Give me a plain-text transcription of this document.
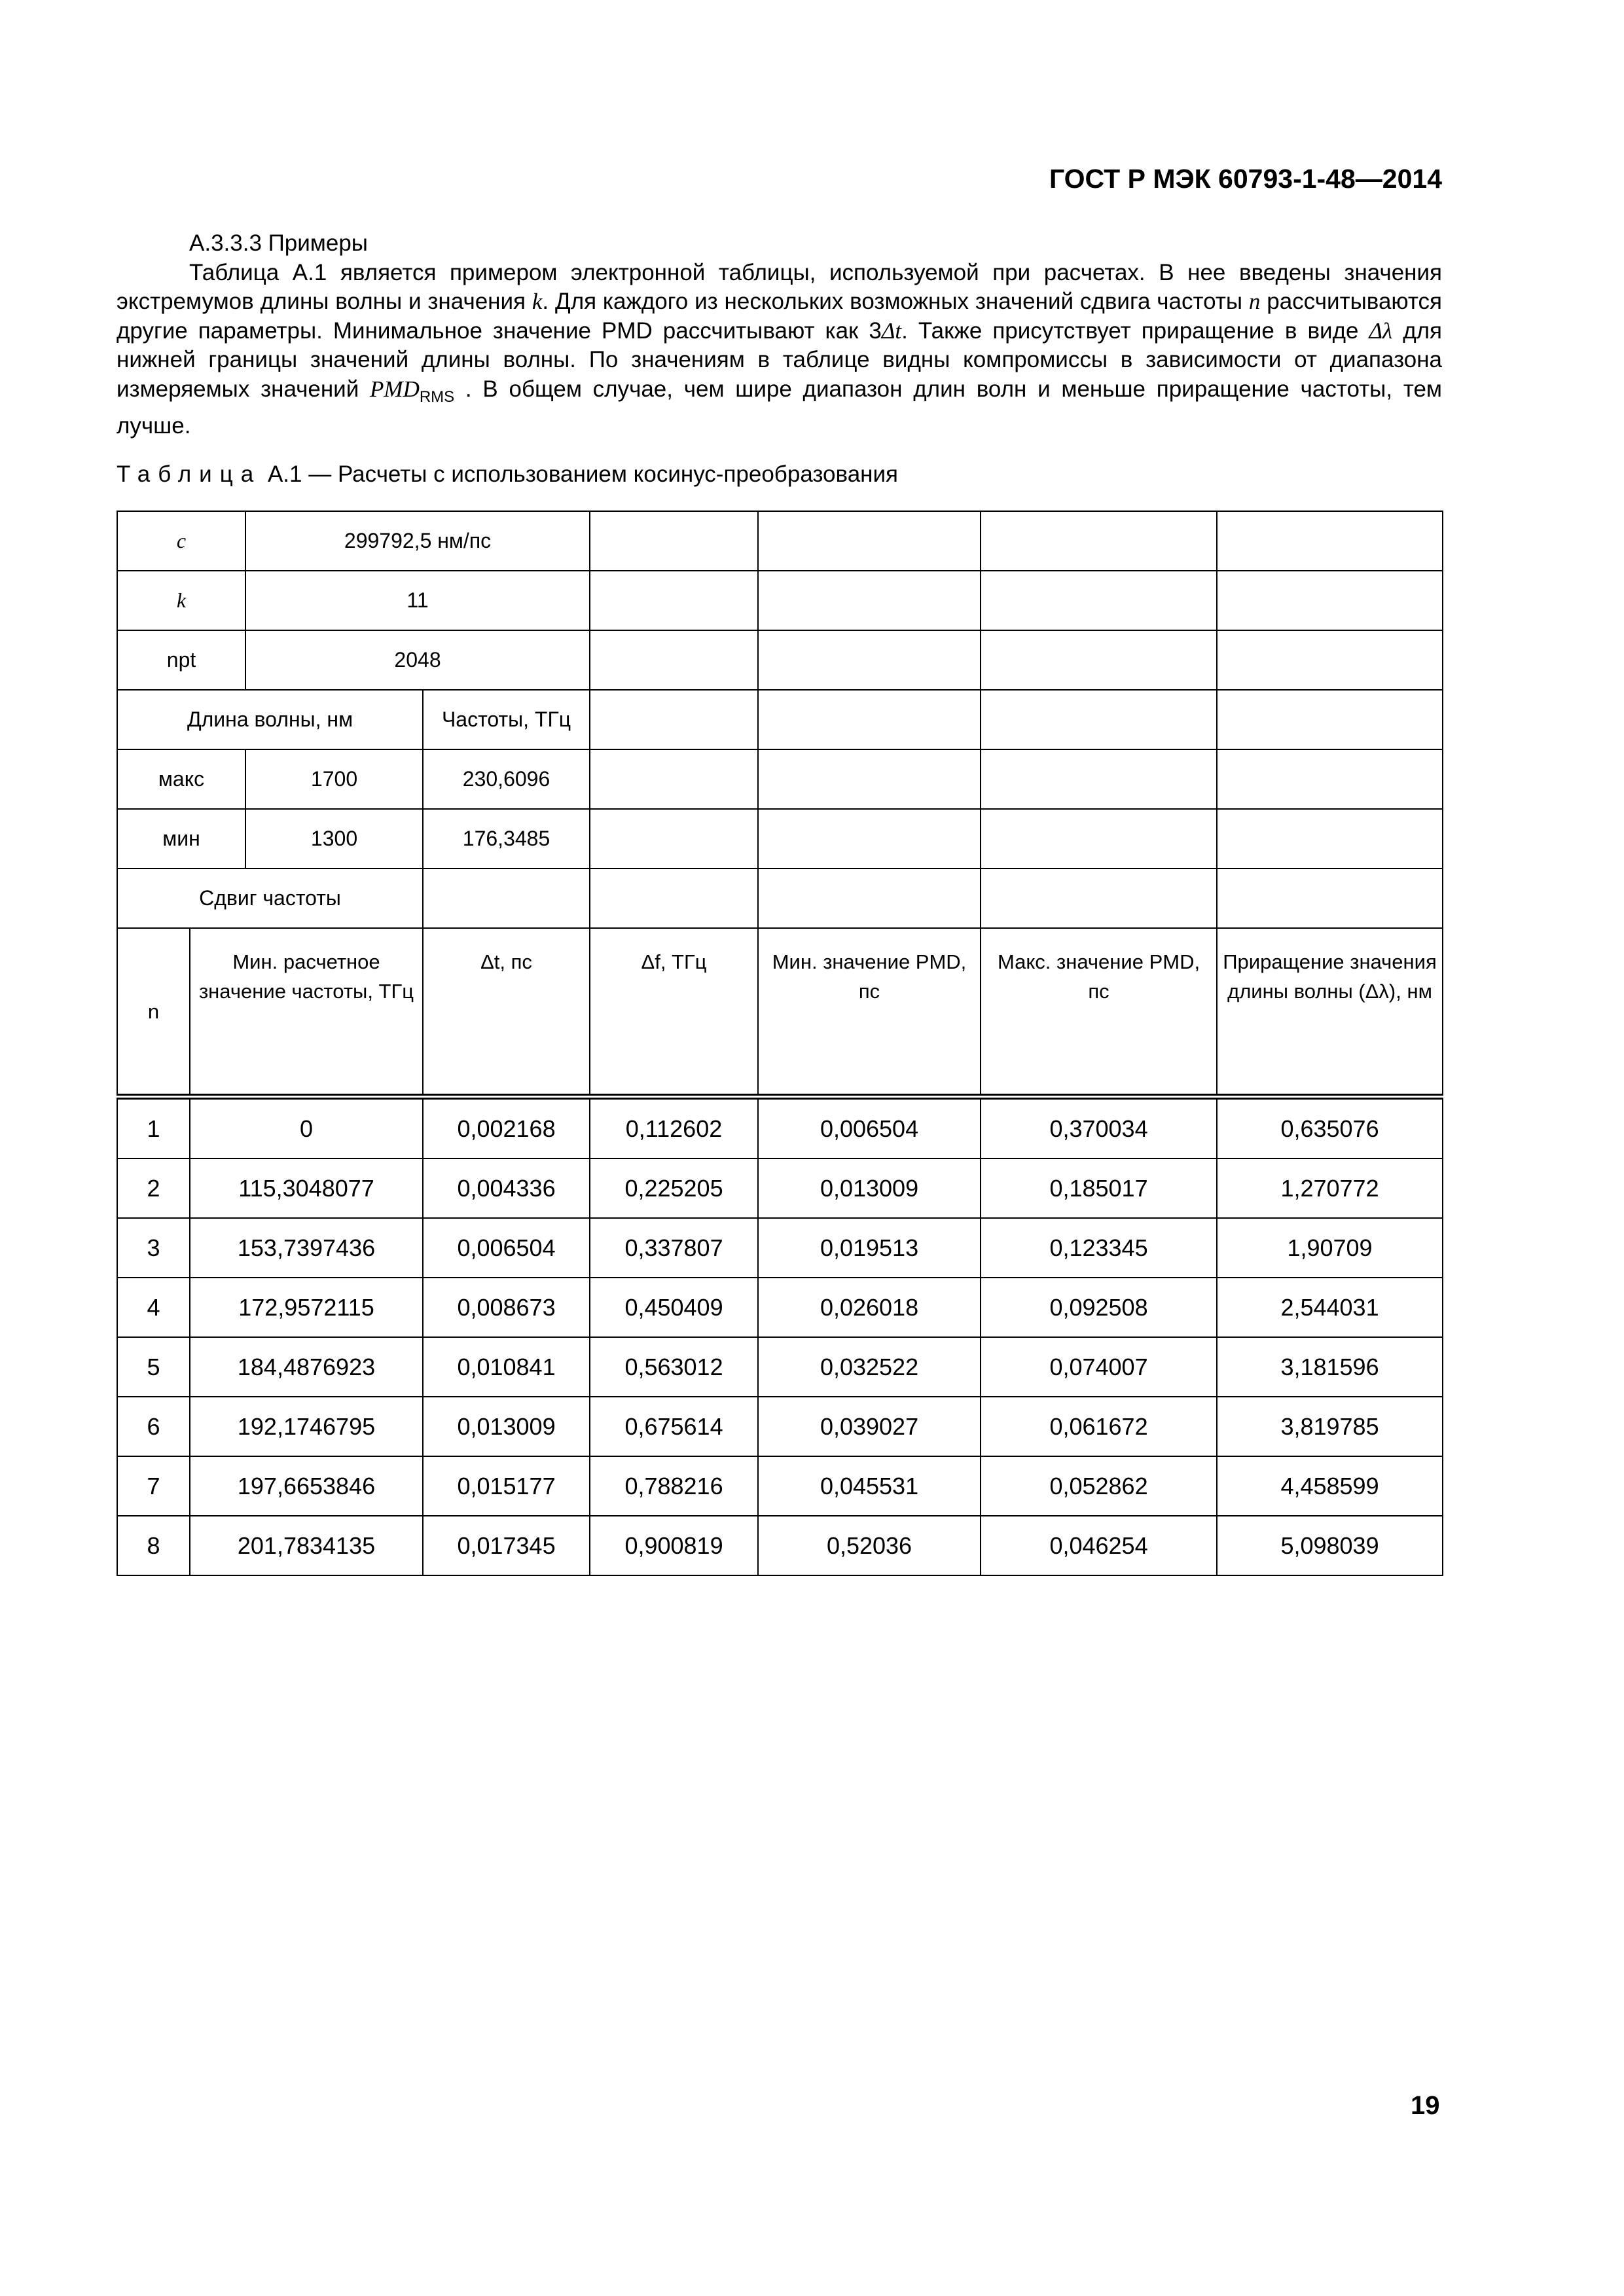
ГОСТ Р МЭК 60793-1-48—2014

А.3.3.3 Примеры

Таблица А.1 является примером электронной таблицы, используемой при расчетах. В нее введены значения экстремумов длины волны и значения k. Для каждого из нескольких возможных значений сдвига частоты n рассчитываются другие параметры. Минимальное значение PMD рассчитывают как 3Δt. Также присутствует приращение в виде Δλ для нижней границы значений длины волны. По значениям в таблице видны компромиссы в зависимости от диапазона измеряемых значений $PMD_{RMS}$ . В общем случае, чем шире диапазон длин волн и меньше приращение частоты, тем лучше.

Таблица А.1 — Расчеты с использованием косинус-преобразования
c		299792,5 нм/пс					
k		11					
npt		2048					
Длина волны, нм			Частоты, ТГц				
макс		1700	230,6096				
мин		1300	176,3485				
Сдвиг частоты							
n	Мин. расчетное значение частоты, ТГц		Δt, пс	Δf, ТГц	Мин. значение PMD, пс	Макс. значение PMD, пс	Приращение значения длины волны (Δλ), нм
1	0		0,002168	0,112602	0,006504	0,370034	0,635076
2	115,3048077		0,004336	0,225205	0,013009	0,185017	1,270772
3	153,7397436		0,006504	0,337807	0,019513	0,123345	1,90709
4	172,9572115		0,008673	0,450409	0,026018	0,092508	2,544031
5	184,4876923		0,010841	0,563012	0,032522	0,074007	3,181596
6	192,1746795		0,013009	0,675614	0,039027	0,061672	3,819785
7	197,6653846		0,015177	0,788216	0,045531	0,052862	4,458599
8	201,7834135		0,017345	0,900819	0,52036	0,046254	5,098039
19
